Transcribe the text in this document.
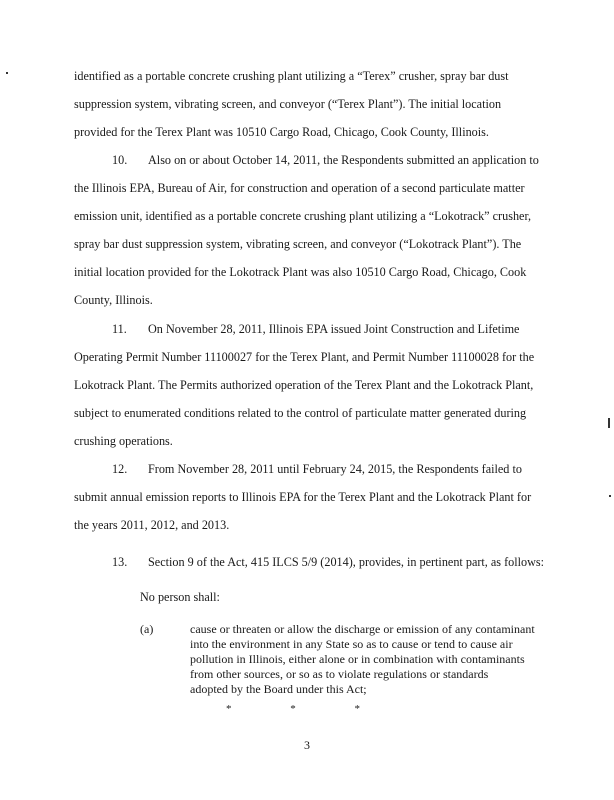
identified as a portable concrete crushing plant utilizing a “Terex” crusher, spray bar dust
suppression system, vibrating screen, and conveyor (“Terex Plant”). The initial location
provided for the Terex Plant was 10510 Cargo Road, Chicago, Cook County, Illinois.
10. Also on or about October 14, 2011, the Respondents submitted an application to
the Illinois EPA, Bureau of Air, for construction and operation of a second particulate matter
emission unit, identified as a portable concrete crushing plant utilizing a “Lokotrack” crusher,
spray bar dust suppression system, vibrating screen, and conveyor (“Lokotrack Plant”). The
initial location provided for the Lokotrack Plant was also 10510 Cargo Road, Chicago, Cook
County, Illinois.
11. On November 28, 2011, Illinois EPA issued Joint Construction and Lifetime
Operating Permit Number 11100027 for the Terex Plant, and Permit Number 11100028 for the
Lokotrack Plant. The Permits authorized operation of the Terex Plant and the Lokotrack Plant,
subject to enumerated conditions related to the control of particulate matter generated during
crushing operations.
12. From November 28, 2011 until February 24, 2015, the Respondents failed to
submit annual emission reports to Illinois EPA for the Terex Plant and the Lokotrack Plant for
the years 2011, 2012, and 2013.
13. Section 9 of the Act, 415 ILCS 5/9 (2014), provides, in pertinent part, as follows:
No person shall:
(a)	cause or threaten or allow the discharge or emission of any contaminant
into the environment in any State so as to cause or tend to cause air
pollution in Illinois, either alone or in combination with contaminants
from other sources, or so as to violate regulations or standards
adopted by the Board under this Act;
* * *
3
